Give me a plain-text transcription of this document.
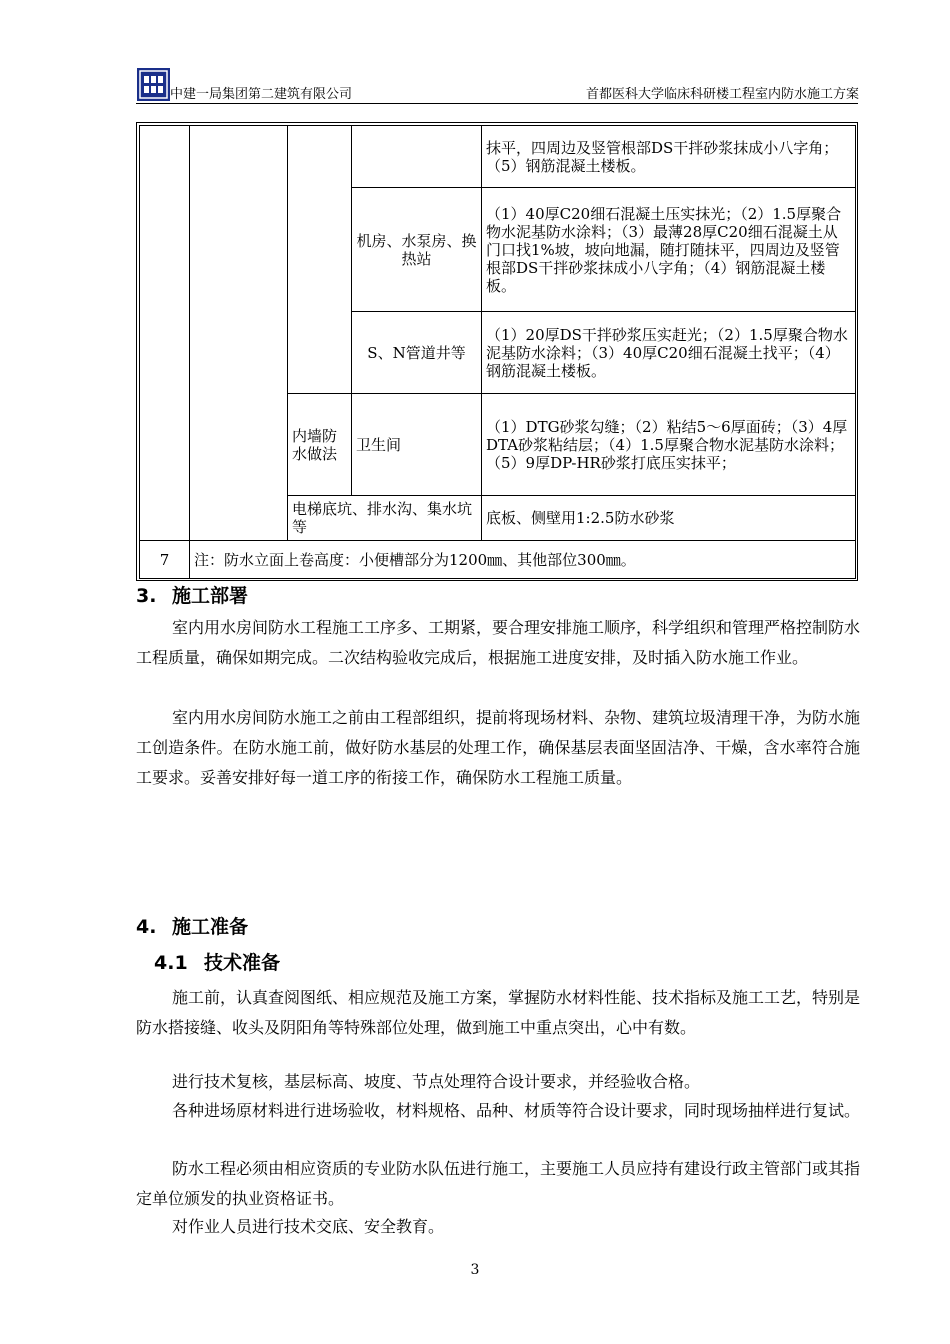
中建一局集团第二建筑有限公司	首都医科大学临床科研楼工程室内防水施工方案
				抹平，四周边及竖管根部DS干拌砂浆抹成小八字角；（5）钢筋混凝土楼板。
			机房、水泵房、换热站	（1）40厚C20细石混凝土压实抹光；（2）1.5厚聚合物水泥基防水涂料；（3）最薄28厚C20细石混凝土从门口找1%坡，坡向地漏，随打随抹平，四周边及竖管根部DS干拌砂浆抹成小八字角；（4）钢筋混凝土楼板。
			S、N管道井等	（1）20厚DS干拌砂浆压实赶光；（2）1.5厚聚合物水泥基防水涂料；（3）40厚C20细石混凝土找平；（4）钢筋混凝土楼板。
		内墙防水做法	卫生间	（1）DTG砂浆勾缝；（2）粘结5～6厚面砖；（3）4厚DTA砂浆粘结层；（4）1.5厚聚合物水泥基防水涂料；（5）9厚DP-HR砂浆打底压实抹平；
		电梯底坑、排水沟、集水坑等		底板、侧壁用1:2.5防水砂浆
7	注：防水立面上卷高度：小便槽部分为1200㎜、其他部位300㎜。			
3. 施工部署

室内用水房间防水工程施工工序多、工期紧，要合理安排施工顺序，科学组织和管理严格控制防水工程质量，确保如期完成。二次结构验收完成后，根据施工进度安排，及时插入防水施工作业。

室内用水房间防水施工之前由工程部组织，提前将现场材料、杂物、建筑垃圾清理干净，为防水施工创造条件。在防水施工前，做好防水基层的处理工作，确保基层表面坚固洁净、干燥，含水率符合施工要求。妥善安排好每一道工序的衔接工作，确保防水工程施工质量。

4. 施工准备
4.1 技术准备

施工前，认真查阅图纸、相应规范及施工方案，掌握防水材料性能、技术指标及施工工艺，特别是防水搭接缝、收头及阴阳角等特殊部位处理，做到施工中重点突出，心中有数。

进行技术复核，基层标高、坡度、节点处理符合设计要求，并经验收合格。

各种进场原材料进行进场验收，材料规格、品种、材质等符合设计要求，同时现场抽样进行复试。

防水工程必须由相应资质的专业防水队伍进行施工，主要施工人员应持有建设行政主管部门或其指定单位颁发的执业资格证书。

对作业人员进行技术交底、安全教育。

3
